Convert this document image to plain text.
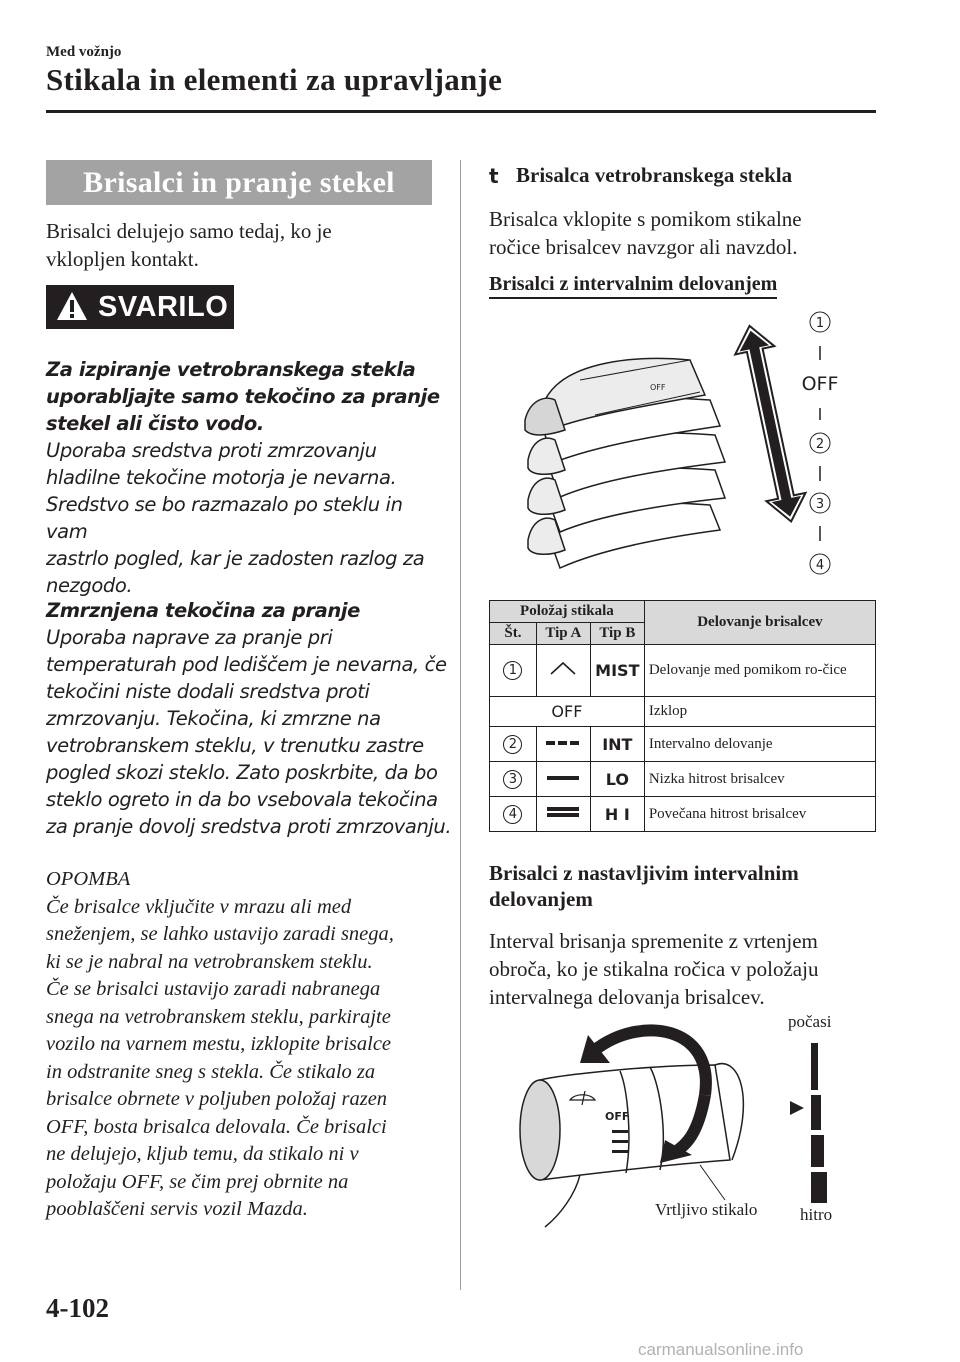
Med vožnjo
Stikala in elementi za upravljanje
Brisalci in pranje stekel
Brisalci delujejo samo tedaj, ko je
vklopljen kontakt.
SVARILO
Za izpiranje vetrobranskega stekla
uporabljajte samo tekočino za pranje
stekel ali čisto vodo.
Uporaba sredstva proti zmrzovanju
hladilne tekočine motorja je nevarna.
Sredstvo se bo razmazalo po steklu in vam
zastrlo pogled, kar je zadosten razlog za
nezgodo.
Zmrznjena tekočina za pranje
Uporaba naprave za pranje pri
temperaturah pod lediščem je nevarna, če
tekočini niste dodali sredstva proti
zmrzovanju. Tekočina, ki zmrzne na
vetrobranskem steklu, v trenutku zastre
pogled skozi steklo. Zato poskrbite, da bo
steklo ogreto in da bo vsebovala tekočina
za pranje dovolj sredstva proti zmrzovanju.
OPOMBA
Če brisalce vključite v mrazu ali med
sneženjem, se lahko ustavijo zaradi snega,
ki se je nabral na vetrobranskem steklu.
Če se brisalci ustavijo zaradi nabranega
snega na vetrobranskem steklu, parkirajte
vozilo na varnem mestu, izklopite brisalce
in odstranite sneg s stekla. Če stikalo za
brisalce obrnete v poljuben položaj razen
OFF, bosta brisalca delovala. Če brisalci
ne delujejo, kljub temu, da stikalo ni v
položaju OFF, se čim prej obrnite na
pooblaščeni servis vozil Mazda.
t Brisalca vetrobranskega stekla
Brisalca vklopite s pomikom stikalne
ročice brisalcev navzgor ali navzdol.
Brisalci z intervalnim delovanjem
OFF
1
OFF
2
3
4
Položaj stikala			Delovanje brisalcev
Št.	Tip A	Tip B	
1		MIST	Delovanje med pomikom ro-čice
OFF			Izklop
2		INT	Intervalno delovanje
3		LO	Nizka hitrost brisalcev
4		H I	Povečana hitrost brisalcev
Brisalci z nastavljivim intervalnim
delovanjem
Interval brisanja spremenite z vrtenjem
obroča, ko je stikalna ročica v položaju
intervalnega delovanja brisalcev.
OFF
Vrtljivo stikalo
počasi
hitro
4-102
carmanualsonline.info
